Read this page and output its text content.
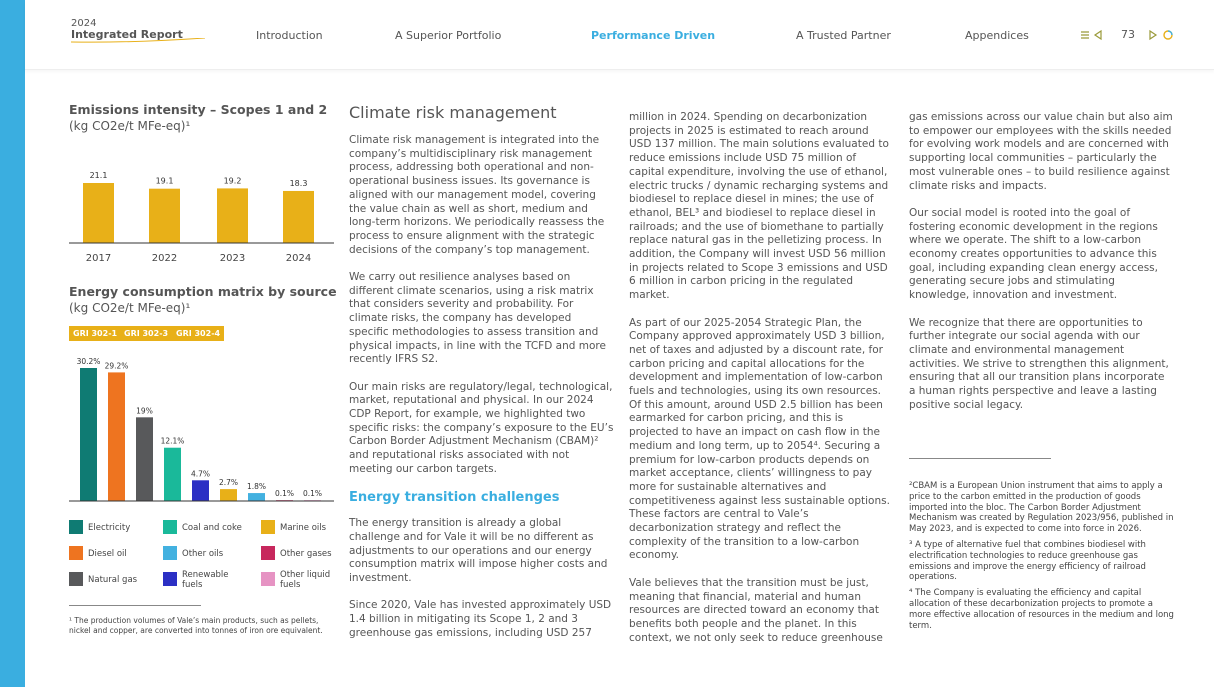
2024
Integrated Report	Introduction	A Superior Portfolio	Performance Driven	A Trusted Partner	Appendices	73
Emissions intensity – Scopes 1 and 2
(kg CO2e/t MFe-eq)¹
21.1
2017
19.1
2022
19.2
2023
18.3
2024
Energy consumption matrix by source
(kg CO2e/t MFe-eq)¹
GRI 302-1 GRI 302-3 GRI 302-4
30.2% 29.2%
19%
12.1%
4.7%
2.7% 1.8%
0.1% 0.1%
Electricity	Coal and coke	Marine oils
Diesel oil	Other oils	Other gases
Natural gas	Renewable fuels
Other liquid fuels
¹ The production volumes of Vale’s main products, such as pellets, nickel and copper, are converted into tonnes of iron ore equivalent.
Climate risk management

Climate risk management is integrated into the company’s multidisciplinary risk management process, addressing both operational and non-operational business issues. Its governance is aligned with our management model, covering the value chain as well as short, medium and long-term horizons. We periodically reassess the process to ensure alignment with the strategic decisions of the company’s top management.

We carry out resilience analyses based on different climate scenarios, using a risk matrix that considers severity and probability. For climate risks, the company has developed specific methodologies to assess transition and physical impacts, in line with the TCFD and more recently IFRS S2.

Our main risks are regulatory/legal, technological, market, reputational and physical. In our 2024 CDP Report, for example, we highlighted two specific risks: the company’s exposure to the EU’s Carbon Border Adjustment Mechanism (CBAM)² and reputational risks associated with not meeting our carbon targets.

Energy transition challenges

The energy transition is already a global challenge and for Vale it will be no different as adjustments to our operations and our energy consumption matrix will impose higher costs and investment.

Since 2020, Vale has invested approximately USD 1.4 billion in mitigating its Scope 1, 2 and 3 greenhouse gas emissions, including USD 257

million in 2024. Spending on decarbonization projects in 2025 is estimated to reach around USD 137 million. The main solutions evaluated to reduce emissions include USD 75 million of capital expenditure, involving the use of ethanol, electric trucks / dynamic recharging systems and biodiesel to replace diesel in mines; the use of ethanol, BEL³ and biodiesel to replace diesel in railroads; and the use of biomethane to partially replace natural gas in the pelletizing process. In addition, the Company will invest USD 56 million in projects related to Scope 3 emissions and USD 6 million in carbon pricing in the regulated market.

As part of our 2025-2054 Strategic Plan, the Company approved approximately USD 3 billion, net of taxes and adjusted by a discount rate, for carbon pricing and capital allocations for the development and implementation of low-carbon fuels and technologies, using its own resources. Of this amount, around USD 2.5 billion has been earmarked for carbon pricing, and this is projected to have an impact on cash flow in the medium and long term, up to 2054⁴. Securing a premium for low-carbon products depends on market acceptance, clients’ willingness to pay more for sustainable alternatives and competitiveness against less sustainable options. These factors are central to Vale’s decarbonization strategy and reflect the complexity of the transition to a low-carbon economy.

Vale believes that the transition must be just, meaning that financial, material and human resources are directed toward an economy that benefits both people and the planet. In this context, we not only seek to reduce greenhouse

gas emissions across our value chain but also aim to empower our employees with the skills needed for evolving work models and are concerned with supporting local communities – particularly the most vulnerable ones – to build resilience against climate risks and impacts.

Our social model is rooted into the goal of fostering economic development in the regions where we operate. The shift to a low-carbon economy creates opportunities to advance this goal, including expanding clean energy access, generating secure jobs and stimulating knowledge, innovation and investment.

We recognize that there are opportunities to further integrate our social agenda with our climate and environmental management activities. We strive to strengthen this alignment, ensuring that all our transition plans incorporate a human rights perspective and leave a lasting positive social legacy.

²CBAM is a European Union instrument that aims to apply a price to the carbon emitted in the production of goods imported into the bloc. The Carbon Border Adjustment Mechanism was created by Regulation 2023/956, published in May 2023, and is expected to come into force in 2026.
³ A type of alternative fuel that combines biodiesel with electrification technologies to reduce greenhouse gas emissions and improve the energy efficiency of railroad operations.
⁴ The Company is evaluating the efficiency and capital allocation of these decarbonization projects to promote a more effective allocation of resources in the medium and long term.
